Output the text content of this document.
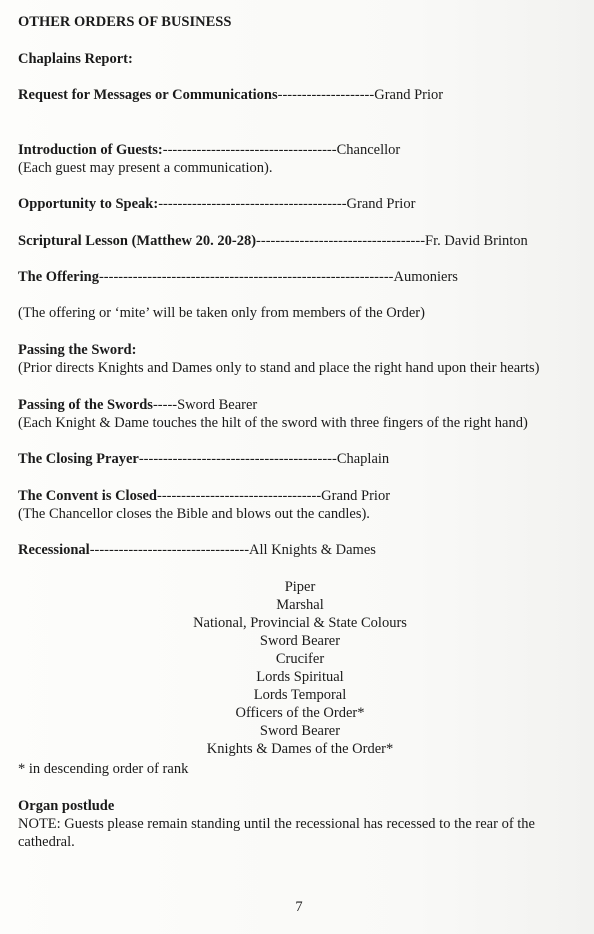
OTHER ORDERS OF BUSINESS
Chaplains Report:
Request for Messages or Communications--------------------Grand Prior
Introduction of Guests:------------------------------------Chancellor
(Each guest may present a communication).
Opportunity to Speak:---------------------------------------Grand Prior
Scriptural Lesson (Matthew 20. 20-28)-----------------------------------Fr. David Brinton
The Offering-------------------------------------------------------------Aumoniers
(The offering or ‘mite’ will be taken only from members of the Order)
Passing the Sword:
(Prior directs Knights and Dames only to stand and place the right hand upon their hearts)
Passing of the Swords-----Sword Bearer
(Each Knight & Dame touches the hilt of the sword with three fingers of the right hand)
The Closing Prayer-----------------------------------------Chaplain
The Convent is Closed----------------------------------Grand Prior
(The Chancellor closes the Bible and blows out the candles).
Recessional---------------------------------All Knights & Dames
Piper
Marshal
National, Provincial & State Colours
Sword Bearer
Crucifer
Lords Spiritual
Lords Temporal
Officers of the Order*
Sword Bearer
Knights & Dames of the Order*
* in descending order of rank
Organ postlude
NOTE: Guests please remain standing until the recessional has recessed to the rear of the
cathedral.
7
